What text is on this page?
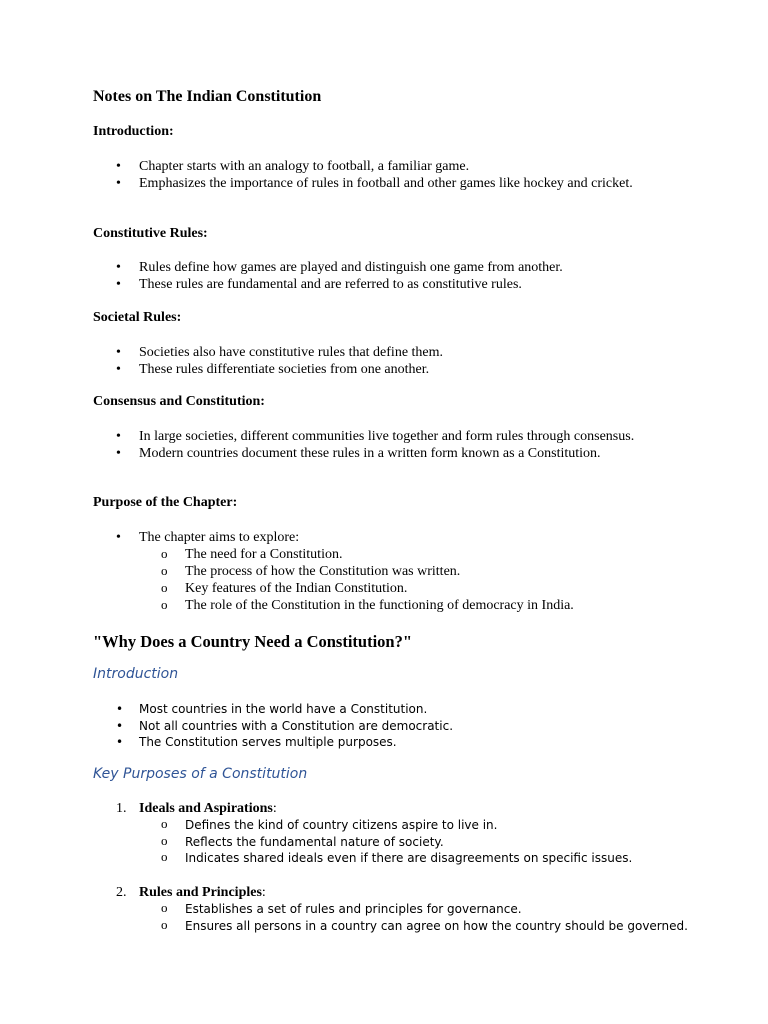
Notes on The Indian Constitution
Introduction:
• Chapter starts with an analogy to football, a familiar game.
• Emphasizes the importance of rules in football and other games like hockey and cricket.
Constitutive Rules:
• Rules define how games are played and distinguish one game from another.
• These rules are fundamental and are referred to as constitutive rules.
Societal Rules:
• Societies also have constitutive rules that define them.
• These rules differentiate societies from one another.
Consensus and Constitution:
• In large societies, different communities live together and form rules through consensus.
• Modern countries document these rules in a written form known as a Constitution.
Purpose of the Chapter:
• The chapter aims to explore:
o The need for a Constitution.
o The process of how the Constitution was written.
o Key features of the Indian Constitution.
o The role of the Constitution in the functioning of democracy in India.
"Why Does a Country Need a Constitution?"
Introduction
• Most countries in the world have a Constitution.
• Not all countries with a Constitution are democratic.
• The Constitution serves multiple purposes.
Key Purposes of a Constitution
1. Ideals and Aspirations:
o Defines the kind of country citizens aspire to live in.
o Reflects the fundamental nature of society.
o Indicates shared ideals even if there are disagreements on specific issues.
2. Rules and Principles:
o Establishes a set of rules and principles for governance.
o Ensures all persons in a country can agree on how the country should be governed.
